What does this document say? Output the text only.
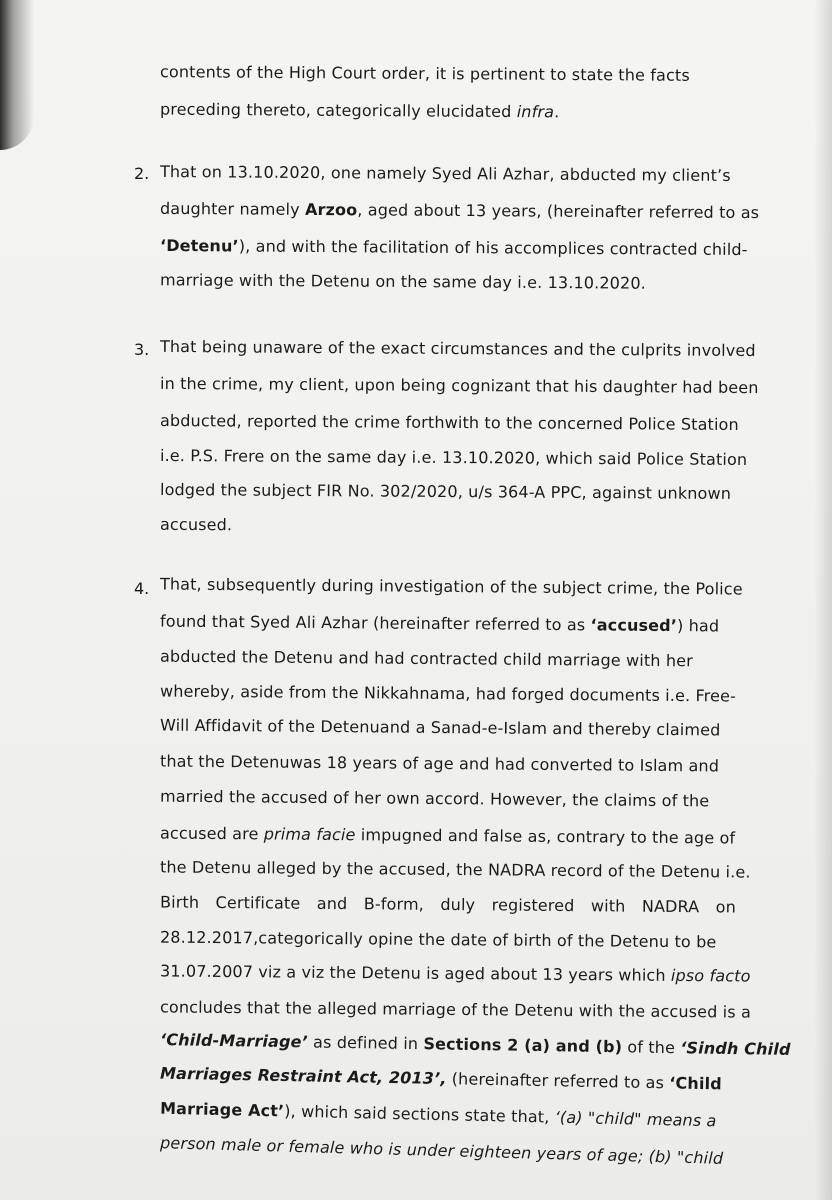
contents of the High Court order, it is pertinent to state the facts
preceding thereto, categorically elucidated infra.
2. That on 13.10.2020, one namely Syed Ali Azhar, abducted my client’s
daughter namely Arzoo, aged about 13 years, (hereinafter referred to as
‘Detenu’), and with the facilitation of his accomplices contracted child-
marriage with the Detenu on the same day i.e. 13.10.2020.
3. That being unaware of the exact circumstances and the culprits involved
in the crime, my client, upon being cognizant that his daughter had been
abducted, reported the crime forthwith to the concerned Police Station
i.e. P.S. Frere on the same day i.e. 13.10.2020, which said Police Station
lodged the subject FIR No. 302/2020, u/s 364-A PPC, against unknown
accused.
4. That, subsequently during investigation of the subject crime, the Police
found that Syed Ali Azhar (hereinafter referred to as ‘accused’) had
abducted the Detenu and had contracted child marriage with her
whereby, aside from the Nikkahnama, had forged documents i.e. Free-
Will Affidavit of the Detenuand a Sanad-e-Islam and thereby claimed
that the Detenuwas 18 years of age and had converted to Islam and
married the accused of her own accord. However, the claims of the
accused are prima facie impugned and false as, contrary to the age of
the Detenu alleged by the accused, the NADRA record of the Detenu i.e.
Birth Certificate and B-form, duly registered with NADRA on
28.12.2017,categorically opine the date of birth of the Detenu to be
31.07.2007 viz a viz the Detenu is aged about 13 years which ipso facto
concludes that the alleged marriage of the Detenu with the accused is a
‘Child-Marriage’ as defined in Sections 2 (a) and (b) of the ‘Sindh Child
Marriages Restraint Act, 2013’, (hereinafter referred to as ‘Child
Marriage Act’), which said sections state that, ‘(a) "child" means a
person male or female who is under eighteen years of age; (b) "child
